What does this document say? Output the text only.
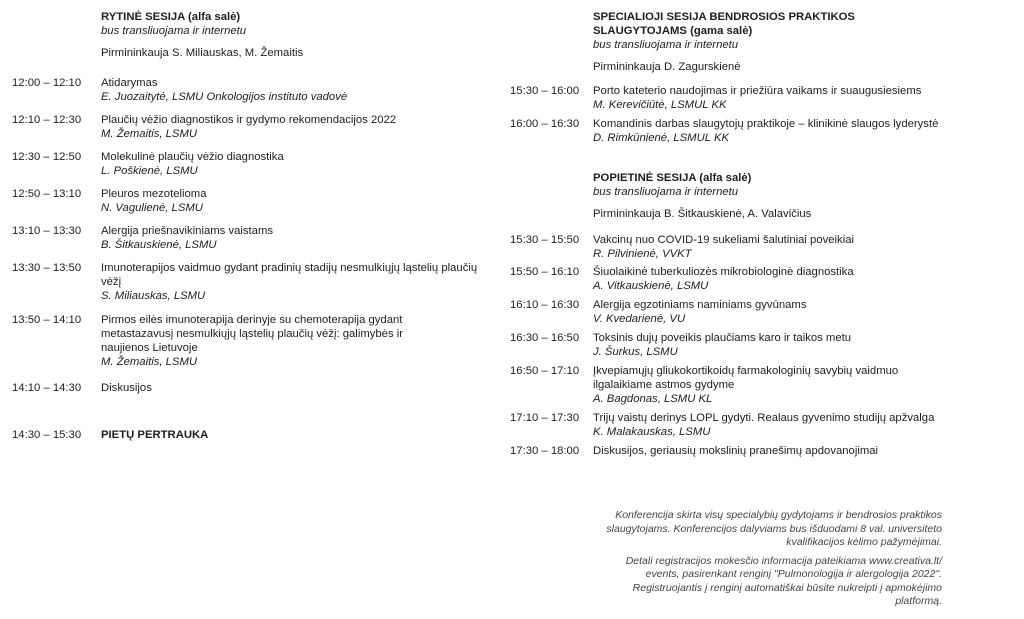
RYTINĖ SESIJA (alfa salė)
bus transliuojama ir internetu
Pirmininkauja S. Miliauskas, M. Žemaitis
12:00 – 12:10 Atidarymas
E. Juozaitytė, LSMU Onkologijos instituto vadovė
12:10 – 12:30 Plaučių vėžio diagnostikos ir gydymo rekomendacijos 2022
M. Žemaitis, LSMU
12:30 – 12:50 Molekulinė plaučių vėžio diagnostika
L. Poškienė, LSMU
12:50 – 13:10 Pleuros mezotelioma
N. Vagulienė, LSMU
13:10 – 13:30 Alergija priešnavikiniams vaistams
B. Šitkauskienė, LSMU
13:30 – 13:50 Imunoterapijos vaidmuo gydant pradinių stadijų nesmulkiųjų ląstelių plaučių vėžį
S. Miliauskas, LSMU
13:50 – 14:10 Pirmos eilės imunoterapija derinyje su chemoterapija gydant metastazavusį nesmulkiųjų ląstelių plaučių vėžį: galimybės ir naujienos Lietuvoje
M. Žemaitis, LSMU
14:10 – 14:30 Diskusijos
14:30 – 15:30 PIETŲ PERTRAUKA
SPECIALIOJI SESIJA BENDROSIOS PRAKTIKOS SLAUGYTOJAMS (gama salė)
bus transliuojama ir internetu
Pirmininkauja D. Zagurskienė
15:30 – 16:00 Porto kateterio naudojimas ir priežiūra vaikams ir suaugusiesiems
M. Kerevičiūtė, LSMUL KK
16:00 – 16:30 Komandinis darbas slaugytojų praktikoje – klinikinė slaugos lyderystė
D. Rimkūnienė, LSMUL KK
POPIETINĖ SESIJA (alfa salė)
bus transliuojama ir internetu
Pirmininkauja B. Šitkauskienė, A. Valavičius
15:30 – 15:50 Vakcinų nuo COVID-19 sukeliami šalutiniai poveikiai
R. Pilvinienė, VVKT
15:50 – 16:10 Šiuolaikinė tuberkuliozės mikrobiologinė diagnostika
A. Vitkauskienė, LSMU
16:10 – 16:30 Alergija egzotiniams naminiams gyvūnams
V. Kvedarienė, VU
16:30 – 16:50 Toksinis dujų poveikis plaučiams karo ir taikos metu
J. Šurkus, LSMU
16:50 – 17:10 Įkvepiamųjų gliukokortikoidų farmakologinių savybių vaidmuo ilgalaikiame astmos gydyme
A. Bagdonas, LSMU KL
17:10 – 17:30 Trijų vaistų derinys LOPL gydyti. Realaus gyvenimo studijų apžvalga
K. Malakauskas, LSMU
17:30 – 18:00 Diskusijos, geriausių mokslinių pranešimų apdovanojimai

Konferencija skirta visų specialybių gydytojams ir bendrosios praktikos slaugytojams. Konferencijos dalyviams bus išduodami 8 val. universiteto kvalifikacijos kėlimo pažymėjimai.

Detali registracijos mokesčio informacija pateikiama www.creativa.lt/ events, pasirenkant renginį "Pulmonologija ir alergologija 2022". Registruojantis į renginį automatiškai būsite nukreipti į apmokėjimo platformą.
